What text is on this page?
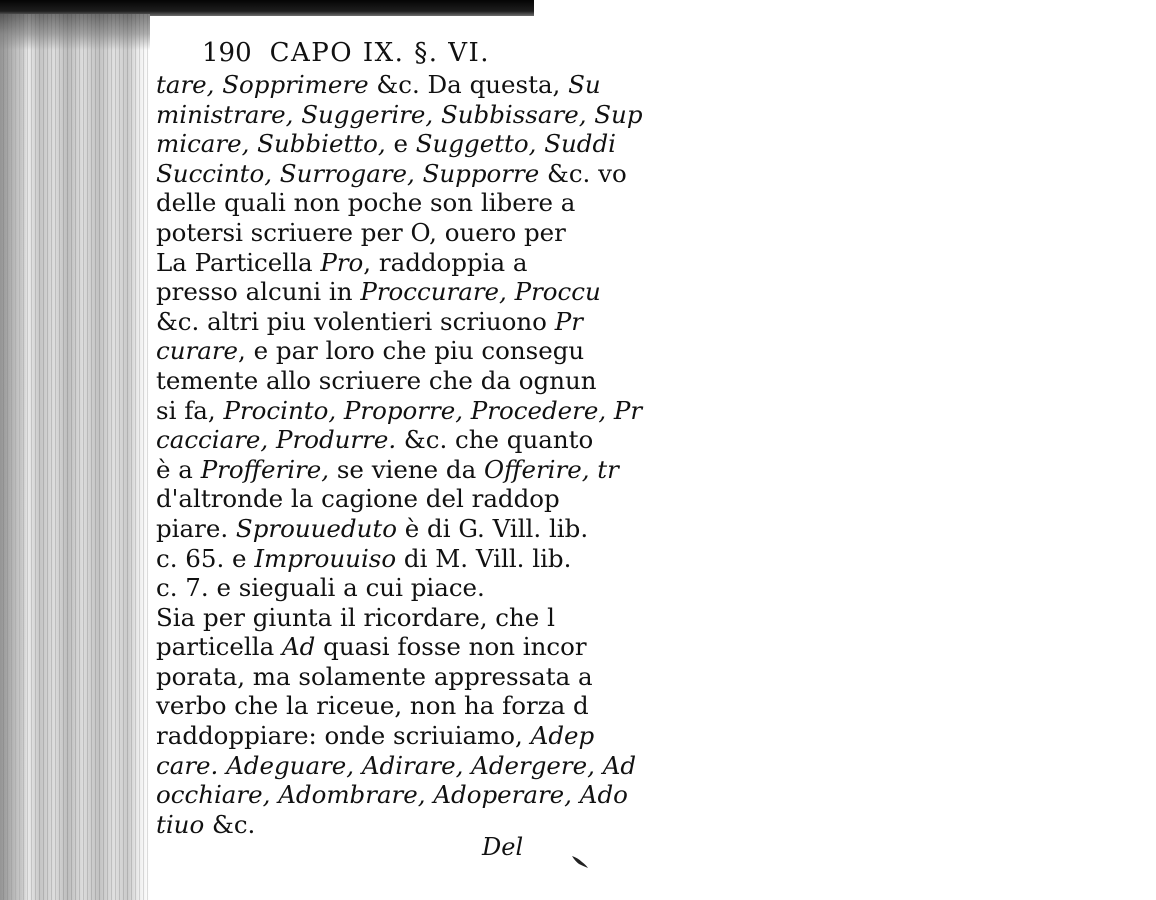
190 CAPO IX. §. VI.
tare, Sopprimere &c. Da questa, Su
ministrare, Suggerire, Subbissare, Sup
micare, Subbietto, e Suggetto, Suddi
Succinto, Surrogare, Supporre &c. vo
delle quali non poche son libere a
potersi scriuere per O, ouero per
La Particella Pro, raddoppia a
presso alcuni in Proccurare, Proccu
&c. altri piu volentieri scriuono Pr
curare, e par loro che piu consegu
temente allo scriuere che da ognun
si fa, Procinto, Proporre, Procedere, Pr
cacciare, Produrre. &c. che quanto
è a Profferire, se viene da Offerire, tr
d'altronde la cagione del raddop
piare. Sprouueduto è di G. Vill. lib.
c. 65. e Improuuiso di M. Vill. lib.
c. 7. e sieguali a cui piace.
Sia per giunta il ricordare, che l
particella Ad quasi fosse non incor
porata, ma solamente appressata a
verbo che la riceue, non ha forza d
raddoppiare: onde scriuiamo, Adep
care. Adeguare, Adirare, Adergere, Ad
occhiare, Adombrare, Adoperare, Ado
tiuo &c.
Del
